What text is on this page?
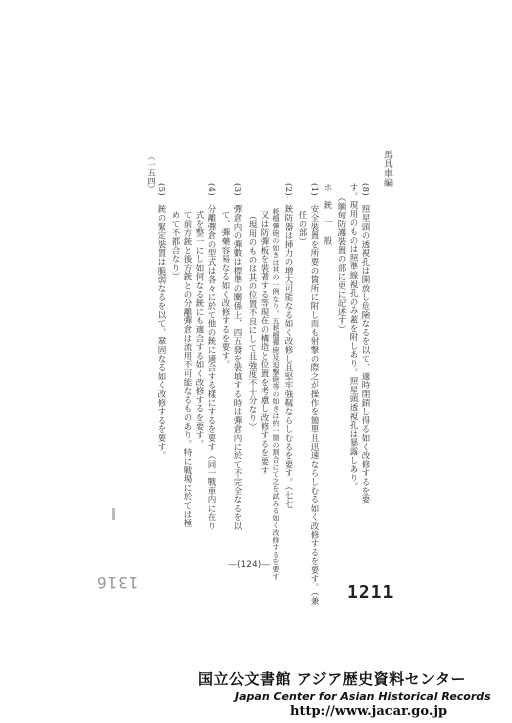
馬具車編
（一五四）
(8)　照星頭の透視孔は開放し危險なるを以て、適時閉鎖し得る如く改修するを要
す。現用のものは照準線視孔のみ蓋を附しあり。照星頭透視孔は暴露しあり。
（緬甸防護裝置の部に更に記述す）
ホ　銃　一　般
(1)　安全裝置を所要の箇所に附し而も射撃の際之が操作を簡單且迅速ならしむる如く改修するを要す。（兼
　　任の部）
(2)　銃防器は挿力の増大可能なる如く改修し且堅牢強靱ならしむるを要す。（七七
　　耗榴彈砲の如きは其の一例なり。五耗榴彈砲及迫撃砲等の如きは約一箇の割合にて之を試みる如く改修するを要す
　　又は防彈板を裝著する等現在の構造と位置を考慮し改修するを要す
　　（現用のものは其の位置不良にして且強度不十分なり）
(3)　彈倉内の彈數は標準の關係上、四五發を裝填する時は彈倉内に於て不完全なるを以
　　て、彈藥容易なる如く改修するを要す。
(4)　分離彈倉の型式は各々に於て他の銃に適合する樣にするを要す（同一戰車内に在り
　　式を整一にし如何なる銃にも適合する如く改修するを要す。
　　て前方銃と後方銃との分離彈倉は流用不可能なるものあり。特に戰場に於ては極
　　めて不都合なり）
(5)　銃の緊定裝置は脆弱なるを以て、鞏固なる如く改修するを要す。
—(124)—
1316	1211
国立公文書館 アジア歴史資料センター
Japan Center for Asian Historical Records
http://www.jacar.go.jp
